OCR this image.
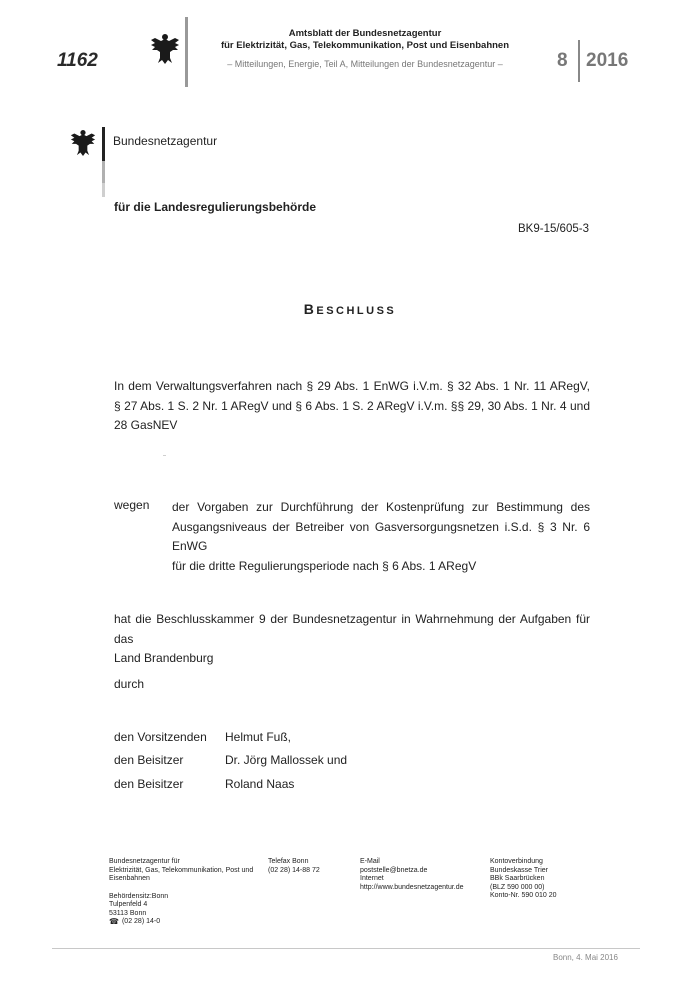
1162
Amtsblatt der Bundesnetzagentur
für Elektrizität, Gas, Telekommunikation, Post und Eisenbahnen
– Mitteilungen, Energie, Teil A, Mitteilungen der Bundesnetzagentur –	8 2016
Bundesnetzagentur
für die Landesregulierungsbehörde
BK9-15/605-3
BESCHLUSS
In dem Verwaltungsverfahren nach § 29 Abs. 1 EnWG i.V.m. § 32 Abs. 1 Nr. 11 ARegV,
§ 27 Abs. 1 S. 2 Nr. 1 ARegV und § 6 Abs. 1 S. 2 ARegV i.V.m. §§ 29, 30 Abs. 1 Nr. 4 und
28 GasNEV
wegen der Vorgaben zur Durchführung der Kostenprüfung zur Bestimmung des
Ausgangsniveaus der Betreiber von Gasversorgungsnetzen i.S.d. § 3 Nr. 6 EnWG
für die dritte Regulierungsperiode nach § 6 Abs. 1 ARegV
hat die Beschlusskammer 9 der Bundesnetzagentur in Wahrnehmung der Aufgaben für das
Land Brandenburg
durch
den Vorsitzenden Helmut Fuß,
den Beisitzer	Dr. Jörg Mallossek und
den Beisitzer	Roland Naas
Bundesnetzagentur für
Elektrizität, Gas, Telekommunikation, Post und
Eisenbahnen
Behördensitz:Bonn
Tulpenfeld 4
53113 Bonn
☎ (02 28) 14-0
Telefax Bonn
(02 28) 14-88 72
E-Mail
poststelle@bnetza.de
Internet
http://www.bundesnetzagentur.de
Kontoverbindung
Bundeskasse Trier
BBk Saarbrücken
(BLZ 590 000 00)
Konto-Nr. 590 010 20
Bonn, 4. Mai 2016
